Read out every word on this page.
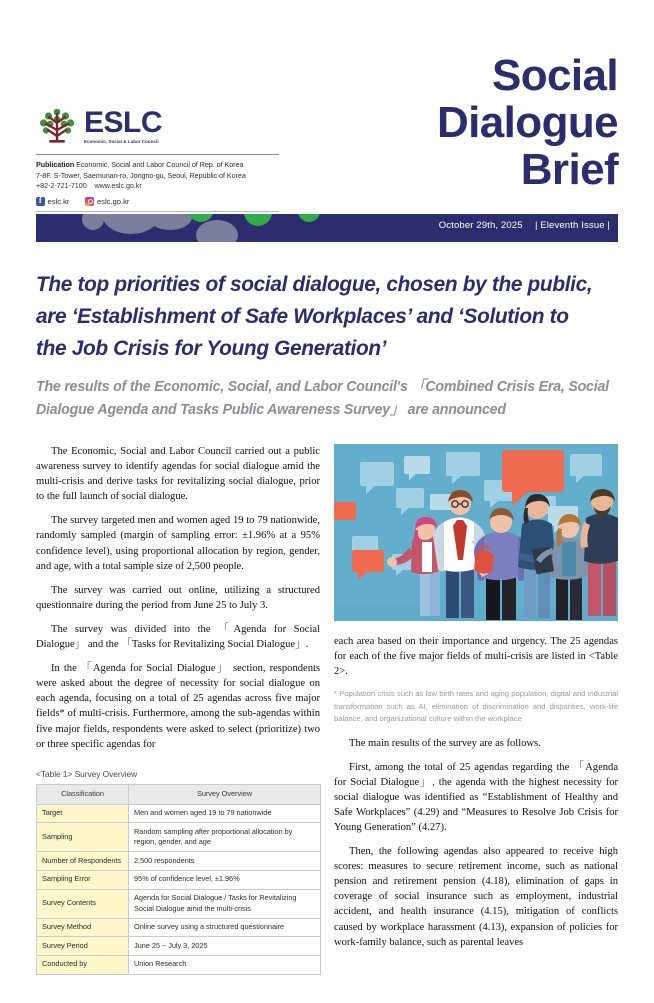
ESLC
Economic, Social & Labor Council
Publication Economic, Social and Labor Council of Rep. of Korea
7-8F. S-Tower, Saemunan-ro, Jongno-gu, Seoul, Republic of Korea
+82-2-721-7100 www.eslc.go.kr
f
eslc.kr	eslc.go.kr
Social
Dialogue
Brief
October 29th, 2025 | Eleventh Issue |
The top priorities of social dialogue, chosen by the public, are ‘Establishment of Safe Workplaces’ and ‘Solution to the Job Crisis for Young Generation’
The results of the Economic, Social, and Labor Council's 「Combined Crisis Era, Social Dialogue Agenda and Tasks Public Awareness Survey」 are announced

The Economic, Social and Labor Council carried out a public awareness survey to identify agendas for social dialogue amid the multi-crisis and derive tasks for revitalizing social dialogue, prior to the full launch of social dialogue.

The survey targeted men and women aged 19 to 79 nationwide, randomly sampled (margin of sampling error: ±1.96% at a 95% confidence level), using proportional allocation by region, gender, and age, with a total sample size of 2,500 people.

The survey was carried out online, utilizing a structured questionnaire during the period from June 25 to July 3.

The survey was divided into the 「Agenda for Social Dialogue」 and the 「Tasks for Revitalizing Social Dialogue」.

In the 「Agenda for Social Dialogue」 section, respondents were asked about the degree of necessity for social dialogue on each agenda, focusing on a total of 25 agendas across five major fields* of multi-crisis. Furthermore, among the sub-agendas within five major fields, respondents were asked to select (prioritize) two or three specific agendas for

each area based on their importance and urgency. The 25 agendas for each of the five major fields of multi-crisis are listed in <Table 2>.

* Population crisis such as low birth rates and aging population, digital and industrial transformation such as AI, elimination of discrimination and disparities, work-life balance, and organizational culture within the workplace

The main results of the survey are as follows.

First, among the total of 25 agendas regarding the 「Agenda for Social Dialogue」, the agenda with the highest necessity for social dialogue was identified as “Establishment of Healthy and Safe Workplaces” (4.29) and “Measures to Resolve Job Crisis for Young Generation” (4.27).

Then, the following agendas also appeared to receive high scores: measures to secure retirement income, such as national pension and retirement pension (4.18), elimination of gaps in coverage of social insurance such as employment, industrial accident, and health insurance (4.15), mitigation of conflicts caused by workplace harassment (4.13), expansion of policies for work-family balance, such as parental leaves

<Table 1> Survey Overview
Classification	Survey Overview
Target	Men and women aged 19 to 79 nationwide
Sampling	Random sampling after proportional allocation by region, gender, and age
Number of Respondents	2,500 respondents
Sampling Error	95% of confidence level, ±1.96%
Survey Contents	Agenda for Social Dialogue / Tasks for Revitalizing Social Dialogue amid the multi-crisis
Survey Method	Online survey using a structured questionnaire
Survey Period	June 25 ~ July 3, 2025
Conducted by	Union Research
